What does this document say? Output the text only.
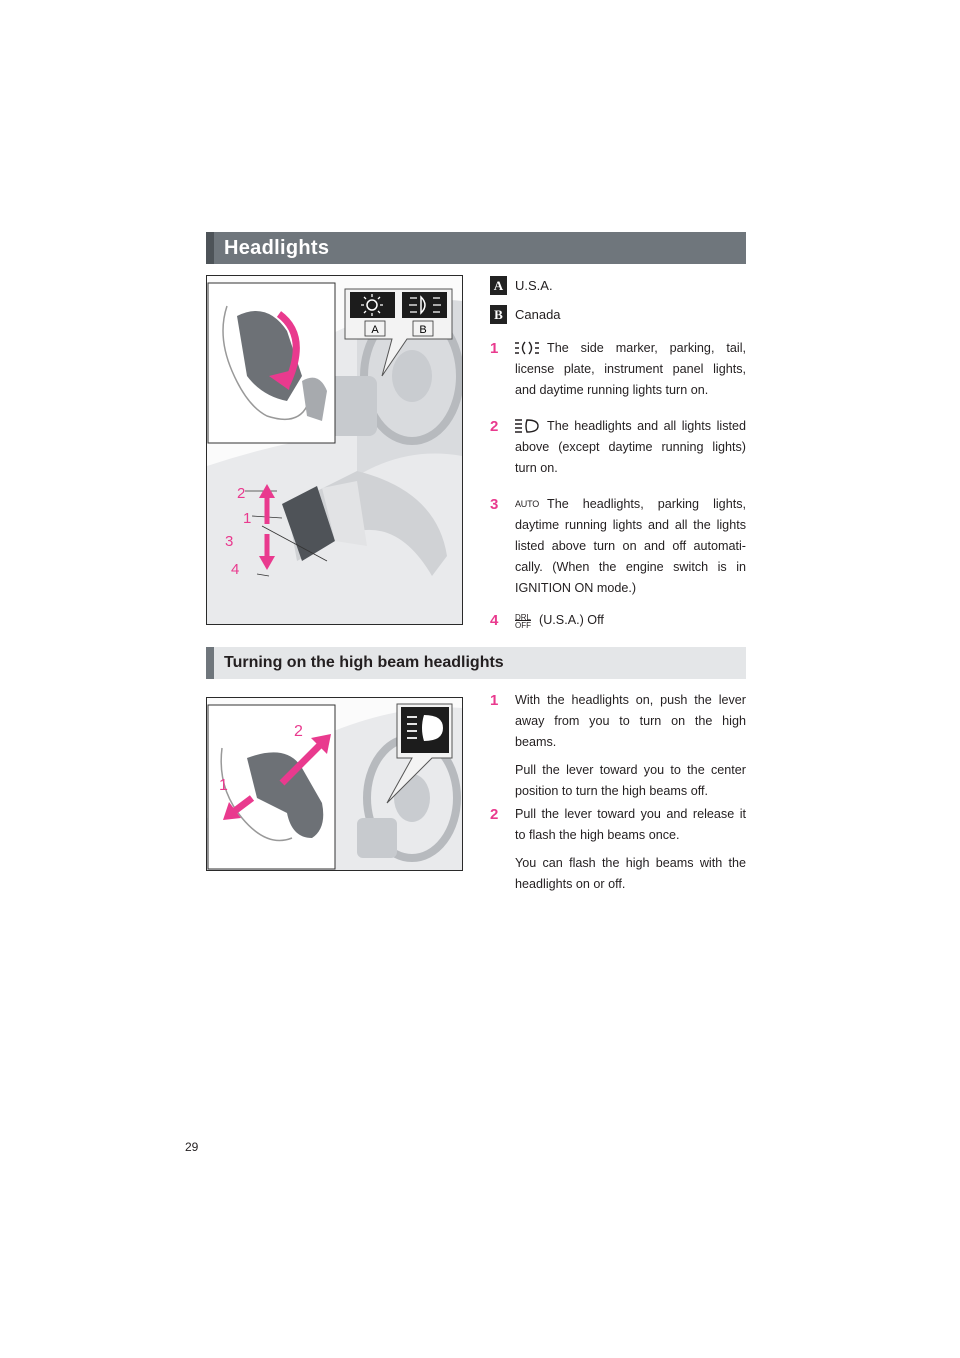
Headlights
A	B
2
1
3
4
A U.S.A.
B Canada
1	The side marker, parking, tail, license plate, instrument panel lights, and daytime running lights turn on.
2	The headlights and all lights listed above (except daytime running lights) turn on.
3 AUTO The headlights, parking lights, daytime running lights and all the lights listed above turn on and off automati-cally. (When the engine switch is in IGNITION ON mode.)
4 DRL
$\overline{OFF}$ (U.S.A.) Off
Turning on the high beam headlights
2
1
1 With the headlights on, push the lever away from you to turn on the high beams.

Pull the lever toward you to the center position to turn the high beams off.

2 Pull the lever toward you and release it to flash the high beams once.

You can flash the high beams with the headlights on or off.

29
